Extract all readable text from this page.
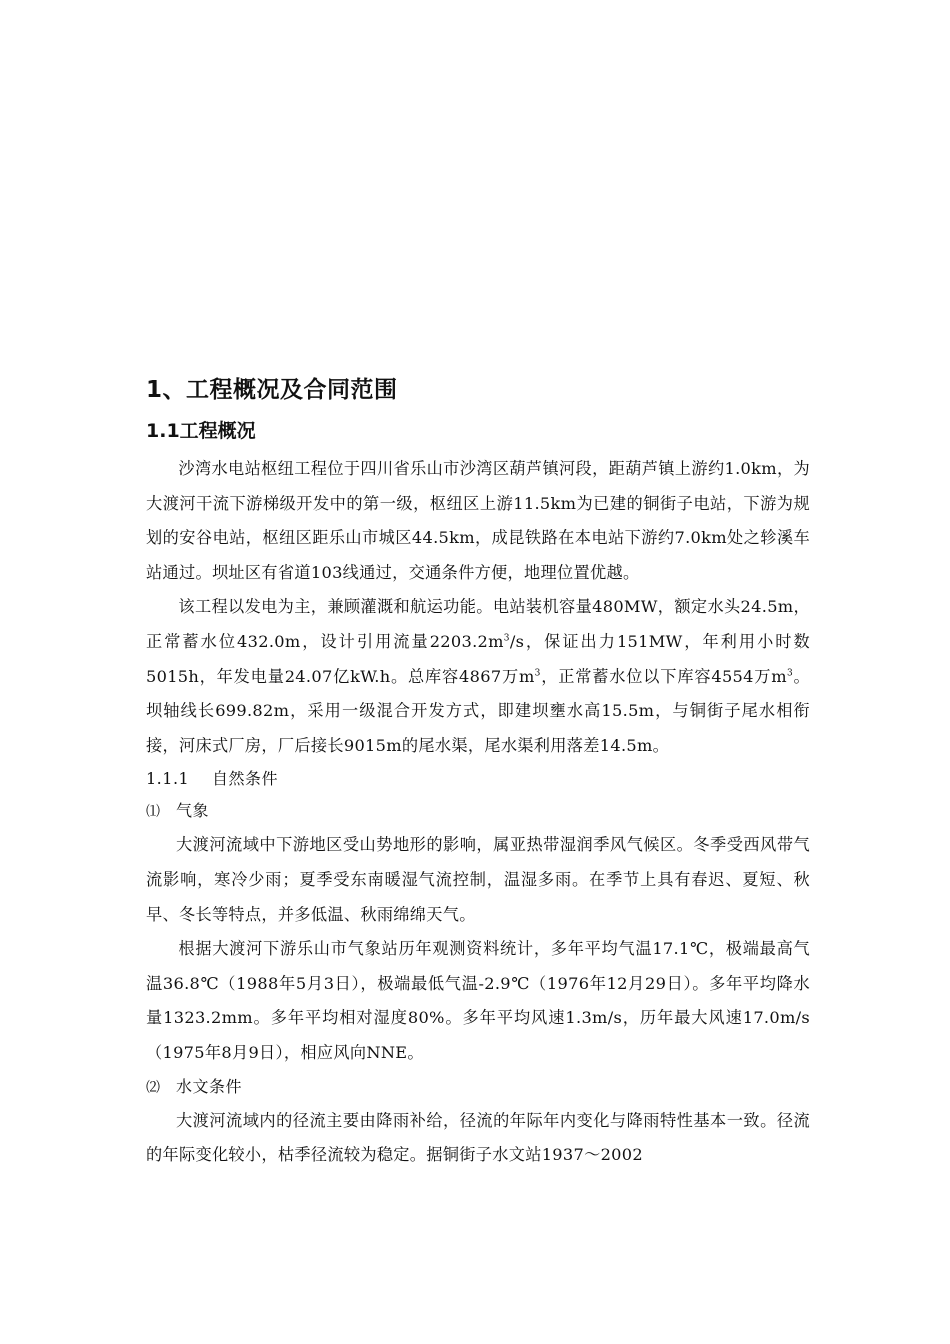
1、工程概况及合同范围
1.1工程概况

沙湾水电站枢纽工程位于四川省乐山市沙湾区葫芦镇河段，距葫芦镇上游约1.0km，为大渡河干流下游梯级开发中的第一级，枢纽区上游11.5km为已建的铜街子电站，下游为规划的安谷电站，枢纽区距乐山市城区44.5km，成昆铁路在本电站下游约7.0km处之轸溪车站通过。坝址区有省道103线通过，交通条件方便，地理位置优越。

该工程以发电为主，兼顾灌溉和航运功能。电站装机容量480MW，额定水头24.5m，正常蓄水位432.0m，设计引用流量$2203.2m^3/s$，保证出力151MW，年利用小时数5015h，年发电量24.07亿kW.h。总库容4867万$m^3$，正常蓄水位以下库容4554万$m^3$。坝轴线长699.82m，采用一级混合开发方式，即建坝壅水高15.5m，与铜街子尾水相衔接，河床式厂房，厂后接长9015m的尾水渠，尾水渠利用落差14.5m。

1.1.1 自然条件
⑴ 气象

大渡河流域中下游地区受山势地形的影响，属亚热带湿润季风气候区。冬季受西风带气流影响，寒冷少雨；夏季受东南暖湿气流控制，温湿多雨。在季节上具有春迟、夏短、秋早、冬长等特点，并多低温、秋雨绵绵天气。

根据大渡河下游乐山市气象站历年观测资料统计，多年平均气温17.1℃，极端最高气温36.8℃（1988年5月3日），极端最低气温-2.9℃（1976年12月29日）。多年平均降水量1323.2mm。多年平均相对湿度80%。多年平均风速1.3m/s，历年最大风速17.0m/s（1975年8月9日），相应风向NNE。

⑵ 水文条件

大渡河流域内的径流主要由降雨补给，径流的年际年内变化与降雨特性基本一致。径流的年际变化较小，枯季径流较为稳定。据铜街子水文站1937～2002
